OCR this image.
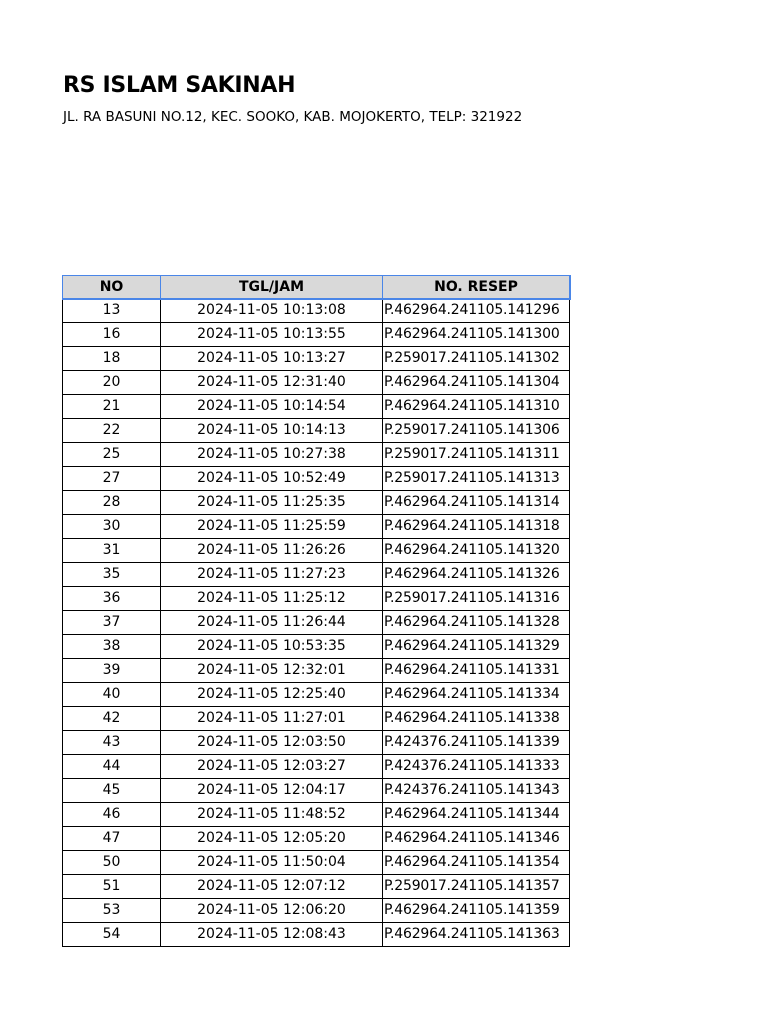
RS ISLAM SAKINAH
JL. RA BASUNI NO.12, KEC. SOOKO, KAB. MOJOKERTO, TELP: 321922
NO	TGL/JAM	NO. RESEP
13	2024-11-05 10:13:08	P.462964.241105.141296
16	2024-11-05 10:13:55	P.462964.241105.141300
18	2024-11-05 10:13:27	P.259017.241105.141302
20	2024-11-05 12:31:40	P.462964.241105.141304
21	2024-11-05 10:14:54	P.462964.241105.141310
22	2024-11-05 10:14:13	P.259017.241105.141306
25	2024-11-05 10:27:38	P.259017.241105.141311
27	2024-11-05 10:52:49	P.259017.241105.141313
28	2024-11-05 11:25:35	P.462964.241105.141314
30	2024-11-05 11:25:59	P.462964.241105.141318
31	2024-11-05 11:26:26	P.462964.241105.141320
35	2024-11-05 11:27:23	P.462964.241105.141326
36	2024-11-05 11:25:12	P.259017.241105.141316
37	2024-11-05 11:26:44	P.462964.241105.141328
38	2024-11-05 10:53:35	P.462964.241105.141329
39	2024-11-05 12:32:01	P.462964.241105.141331
40	2024-11-05 12:25:40	P.462964.241105.141334
42	2024-11-05 11:27:01	P.462964.241105.141338
43	2024-11-05 12:03:50	P.424376.241105.141339
44	2024-11-05 12:03:27	P.424376.241105.141333
45	2024-11-05 12:04:17	P.424376.241105.141343
46	2024-11-05 11:48:52	P.462964.241105.141344
47	2024-11-05 12:05:20	P.462964.241105.141346
50	2024-11-05 11:50:04	P.462964.241105.141354
51	2024-11-05 12:07:12	P.259017.241105.141357
53	2024-11-05 12:06:20	P.462964.241105.141359
54	2024-11-05 12:08:43	P.462964.241105.141363
